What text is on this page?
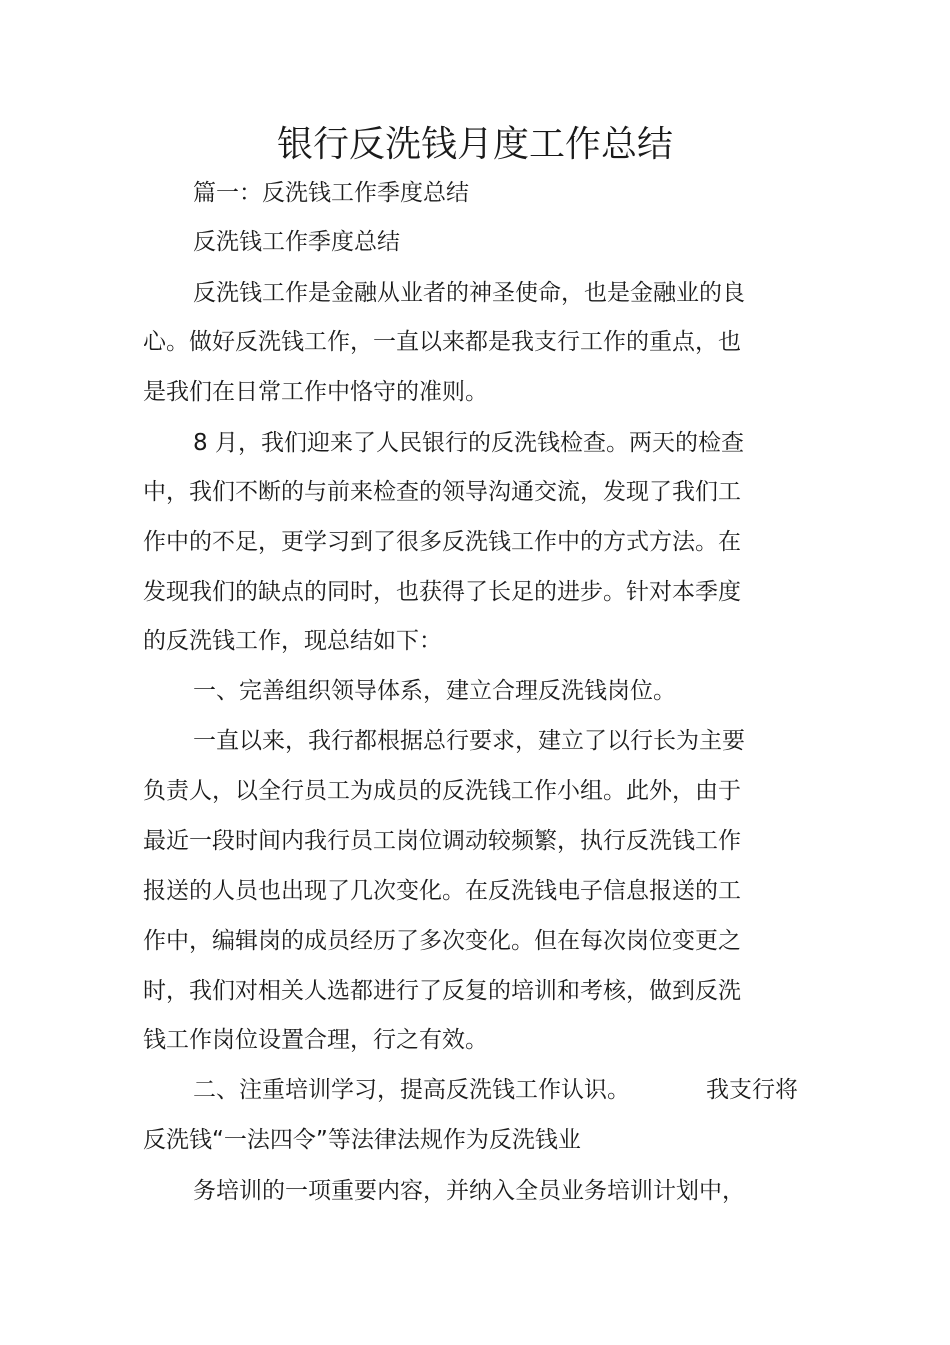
银行反洗钱月度工作总结

篇一：反洗钱工作季度总结

反洗钱工作季度总结

反洗钱工作是金融从业者的神圣使命，也是金融业的良

心。做好反洗钱工作，一直以来都是我支行工作的重点，也

是我们在日常工作中恪守的准则。

8 月，我们迎来了人民银行的反洗钱检查。两天的检查

中，我们不断的与前来检查的领导沟通交流，发现了我们工

作中的不足，更学习到了很多反洗钱工作中的方式方法。在

发现我们的缺点的同时，也获得了长足的进步。针对本季度

的反洗钱工作，现总结如下：

一、完善组织领导体系，建立合理反洗钱岗位。

一直以来，我行都根据总行要求，建立了以行长为主要

负责人，以全行员工为成员的反洗钱工作小组。此外，由于

最近一段时间内我行员工岗位调动较频繁，执行反洗钱工作

报送的人员也出现了几次变化。在反洗钱电子信息报送的工

作中，编辑岗的成员经历了多次变化。但在每次岗位变更之

时，我们对相关人选都进行了反复的培训和考核，做到反洗

钱工作岗位设置合理，行之有效。

二、注重培训学习，提高反洗钱工作认识。	我支行将

反洗钱“一法四令”等法律法规作为反洗钱业

务培训的一项重要内容，并纳入全员业务培训计划中，
